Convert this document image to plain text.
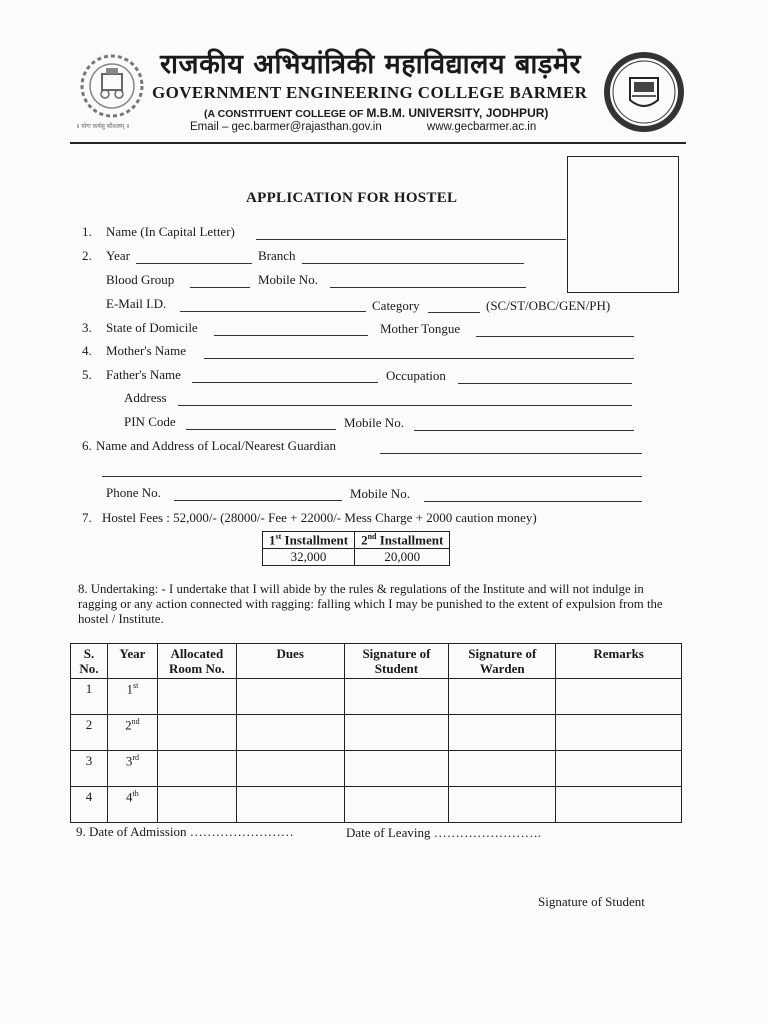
॥ योगः कर्मसु कौशलम् ॥
राजकीय अभियांत्रिकी महाविद्यालय बाड़मेर
GOVERNMENT ENGINEERING COLLEGE BARMER
(A CONSTITUENT COLLEGE OF M.B.M. UNIVERSITY, JODHPUR)
Email – gec.barmer@rajasthan.gov.in	www.gecbarmer.ac.in
APPLICATION FOR HOSTEL
1. Name (In Capital Letter)
2. Year	Branch
Blood Group	Mobile No.
E-Mail I.D.	Category	(SC/ST/OBC/GEN/PH)
3. State of Domicile	Mother Tongue
4. Mother's Name
5. Father's Name	Occupation
Address
PIN Code	Mobile No.
6. Name and Address of Local/Nearest Guardian
Phone No.	Mobile No.
7. Hostel Fees : 52,000/- (28000/- Fee + 22000/- Mess Charge + 2000 caution money)
1st Installment	2nd Installment
32,000	20,000
8. Undertaking: - I undertake that I will abide by the rules & regulations of the Institute and will not indulge in ragging or any action connected with ragging: falling which I may be punished to the extent of expulsion from the hostel / Institute.
S. No.	Year	Allocated Room No.	Dues	Signature of Student	Signature of Warden	Remarks
1	1st					
2	2nd					
3	3rd					
4	4th					
9. Date of Admission ……………………	Date of Leaving …………………….
Signature of Student
